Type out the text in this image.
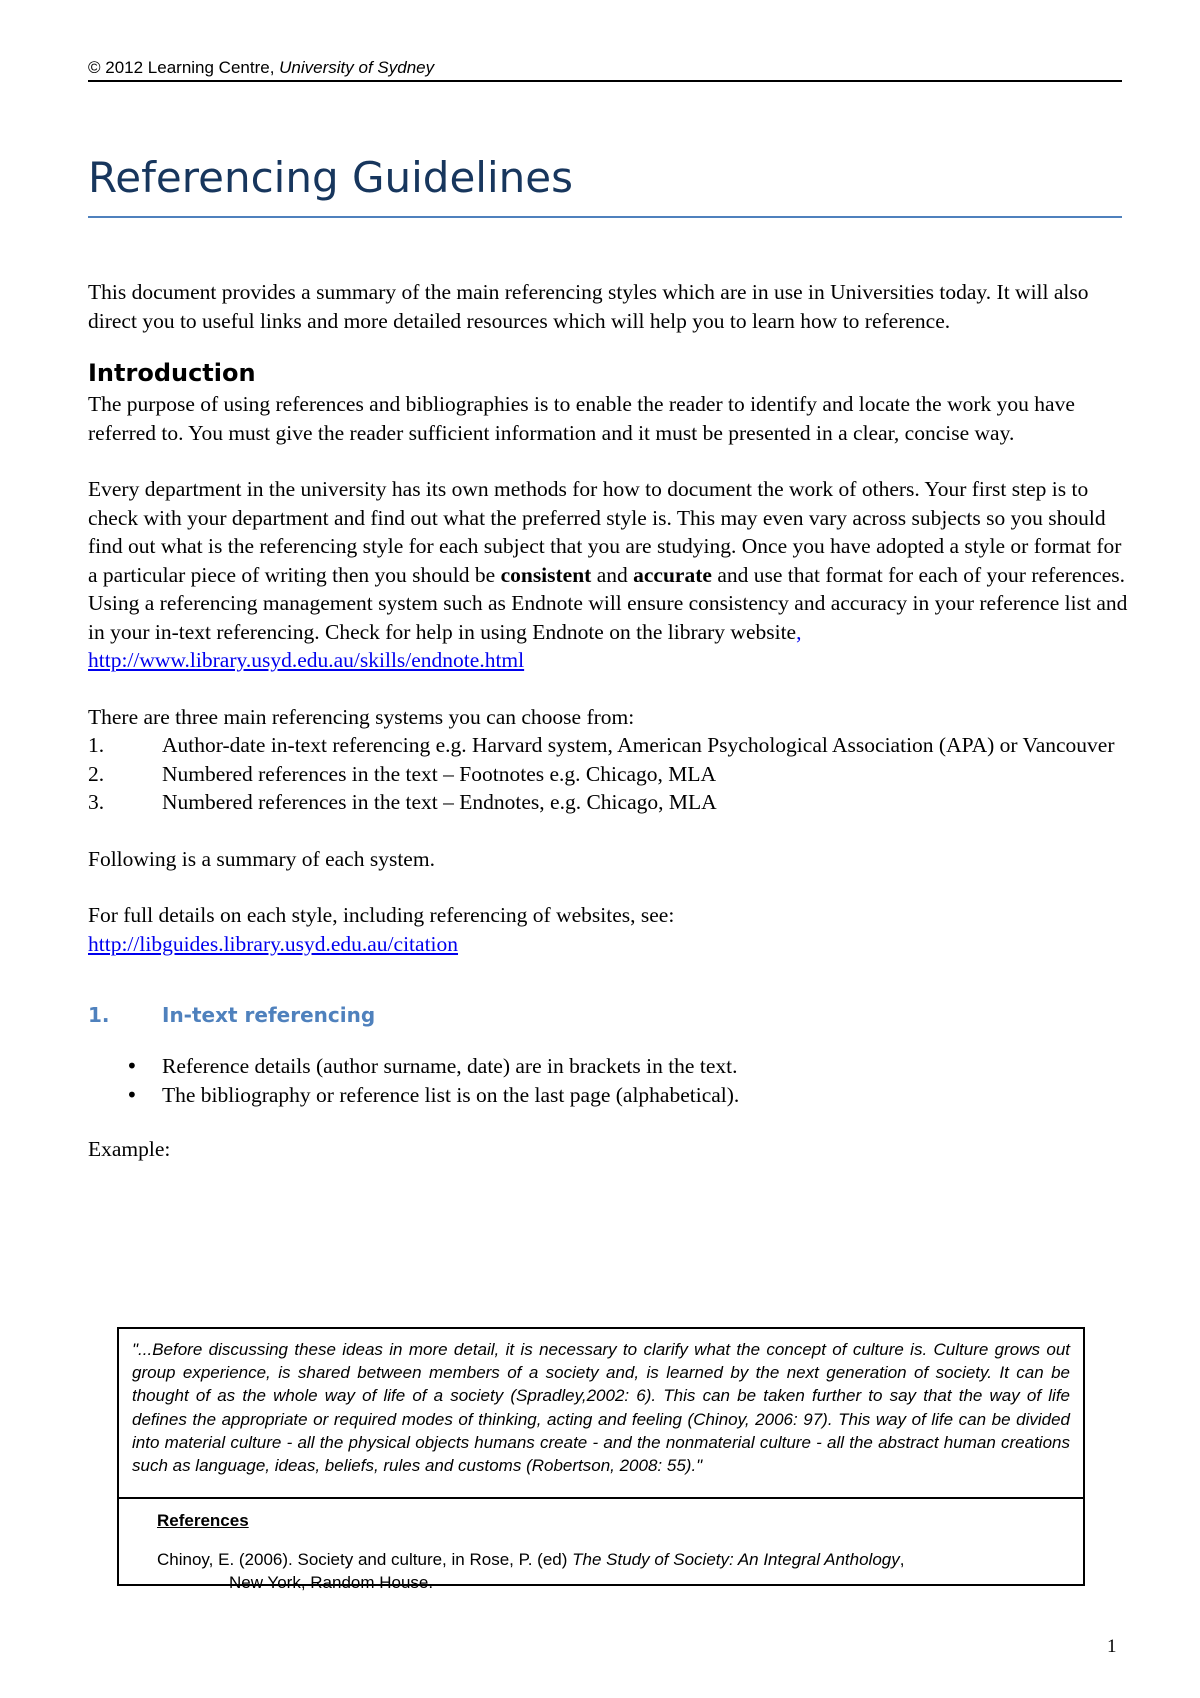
© 2012 Learning Centre, University of Sydney
Referencing Guidelines

This document provides a summary of the main referencing styles which are in use in Universities today. It will also direct you to useful links and more detailed resources which will help you to learn how to reference.

Introduction

The purpose of using references and bibliographies is to enable the reader to identify and locate the work you have referred to. You must give the reader sufficient information and it must be presented in a clear, concise way.

Every department in the university has its own methods for how to document the work of others. Your first step is to check with your department and find out what the preferred style is. This may even vary across subjects so you should find out what is the referencing style for each subject that you are studying. Once you have adopted a style or format for a particular piece of writing then you should be consistent and accurate and use that format for each of your references. Using a referencing management system such as Endnote will ensure consistency and accuracy in your reference list and in your in-text referencing. Check for help in using Endnote on the library website, http://www.library.usyd.edu.au/skills/endnote.html

There are three main referencing systems you can choose from:

1.	Author-date in-text referencing e.g. Harvard system, American Psychological Association (APA) or Vancouver
2.	Numbered references in the text – Footnotes e.g. Chicago, MLA
3.	Numbered references in the text – Endnotes, e.g. Chicago, MLA

Following is a summary of each system.

For full details on each style, including referencing of websites, see:

http://libguides.library.usyd.edu.au/citation

1.	In-text referencing
• Reference details (author surname, date) are in brackets in the text.
• The bibliography or reference list is on the last page (alphabetical).

Example:

"...Before discussing these ideas in more detail, it is necessary to clarify what the concept of culture is. Culture grows out group experience, is shared between members of a society and, is learned by the next generation of society. It can be thought of as the whole way of life of a society (Spradley,2002: 6). This can be taken further to say that the way of life defines the appropriate or required modes of thinking, acting and feeling (Chinoy, 2006: 97). This way of life can be divided into material culture - all the physical objects humans create - and the nonmaterial culture - all the abstract human creations such as language, ideas, beliefs, rules and customs (Robertson, 2008: 55)."
References
Chinoy, E. (2006). Society and culture, in Rose, P. (ed) The Study of Society: An Integral Anthology,
New York, Random House.
1
